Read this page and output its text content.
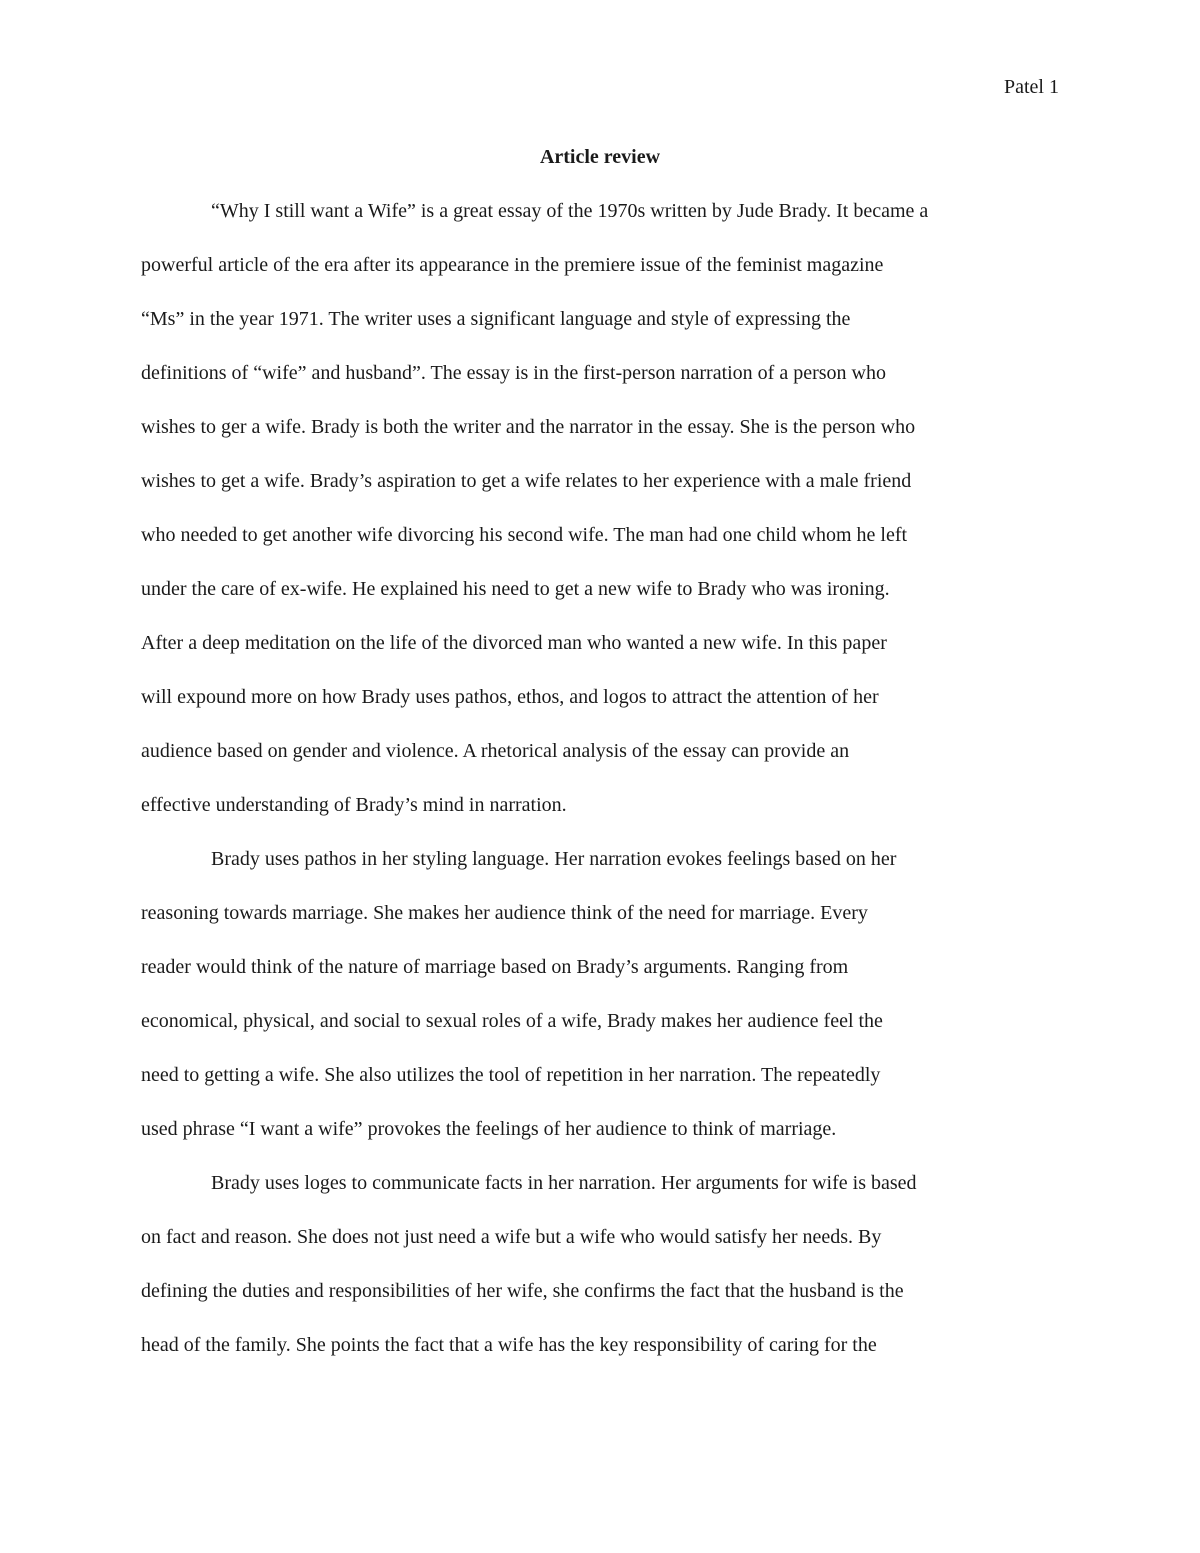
Patel 1
Article review
“Why I still want a Wife” is a great essay of the 1970s written by Jude Brady. It became a
powerful article of the era after its appearance in the premiere issue of the feminist magazine
“Ms” in the year 1971. The writer uses a significant language and style of expressing the
definitions of “wife” and husband”. The essay is in the first-person narration of a person who
wishes to ger a wife. Brady is both the writer and the narrator in the essay. She is the person who
wishes to get a wife. Brady’s aspiration to get a wife relates to her experience with a male friend
who needed to get another wife divorcing his second wife. The man had one child whom he left
under the care of ex-wife. He explained his need to get a new wife to Brady who was ironing.
After a deep meditation on the life of the divorced man who wanted a new wife. In this paper
will expound more on how Brady uses pathos, ethos, and logos to attract the attention of her
audience based on gender and violence. A rhetorical analysis of the essay can provide an
effective understanding of Brady’s mind in narration.
Brady uses pathos in her styling language. Her narration evokes feelings based on her
reasoning towards marriage. She makes her audience think of the need for marriage. Every
reader would think of the nature of marriage based on Brady’s arguments. Ranging from
economical, physical, and social to sexual roles of a wife, Brady makes her audience feel the
need to getting a wife. She also utilizes the tool of repetition in her narration. The repeatedly
used phrase “I want a wife” provokes the feelings of her audience to think of marriage.
Brady uses loges to communicate facts in her narration. Her arguments for wife is based
on fact and reason. She does not just need a wife but a wife who would satisfy her needs. By
defining the duties and responsibilities of her wife, she confirms the fact that the husband is the
head of the family. She points the fact that a wife has the key responsibility of caring for the
